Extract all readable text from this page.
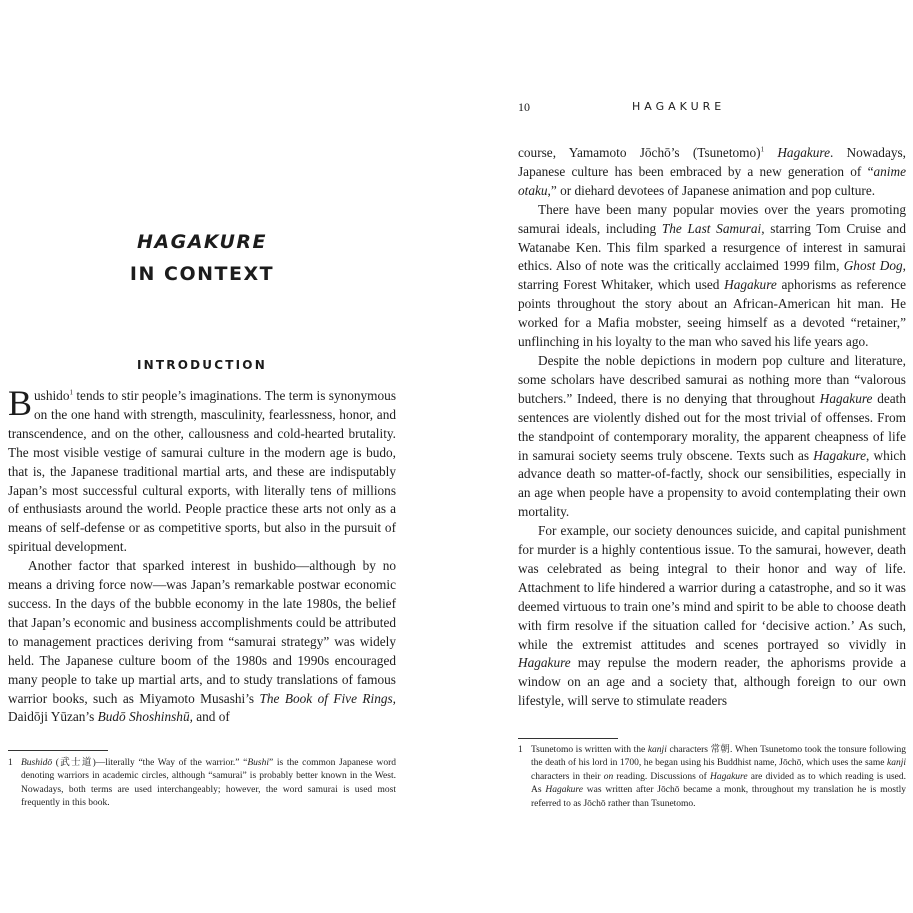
HAGAKURE
IN CONTEXT
INTRODUCTION

Bushido$^1$ tends to stir people’s imaginations. The term is synonymous on the one hand with strength, masculinity, fearlessness, honor, and transcendence, and on the other, callousness and cold-hearted brutality. The most visible vestige of samurai culture in the modern age is budo, that is, the Japanese traditional martial arts, and these are indisputably Japan’s most successful cultural exports, with literally tens of millions of enthusiasts around the world. People practice these arts not only as a means of self-defense or as competitive sports, but also in the pursuit of spiritual development.

Another factor that sparked interest in bushido—although by no means a driving force now—was Japan’s remarkable postwar economic success. In the days of the bubble economy in the late 1980s, the belief that Japan’s economic and business accomplishments could be attributed to management practices deriving from “samurai strategy” was widely held. The Japanese culture boom of the 1980s and 1990s encouraged many people to take up martial arts, and to study translations of famous warrior books, such as Miyamoto Musashi’s The Book of Five Rings, Daidōji Yūzan’s Budō Shoshinshū, and of

1 Bushidō (武士道)—literally “the Way of the warrior.” “Bushi” is the common Japanese word denoting warriors in academic circles, although “samurai” is probably better known in the West. Nowadays, both terms are used interchangeably; however, the word samurai is used most frequently in this book.
10	HAGAKURE

course, Yamamoto Jōchō’s (Tsunetomo)$^1$ Hagakure. Nowadays, Japanese culture has been embraced by a new generation of “anime otaku,” or diehard devotees of Japanese animation and pop culture.

There have been many popular movies over the years promoting samurai ideals, including The Last Samurai, starring Tom Cruise and Watanabe Ken. This film sparked a resurgence of interest in samurai ethics. Also of note was the critically acclaimed 1999 film, Ghost Dog, starring Forest Whitaker, which used Hagakure aphorisms as reference points throughout the story about an African-American hit man. He worked for a Mafia mobster, seeing himself as a devoted “retainer,” unflinching in his loyalty to the man who saved his life years ago.

Despite the noble depictions in modern pop culture and literature, some scholars have described samurai as nothing more than “valorous butchers.” Indeed, there is no denying that throughout Hagakure death sentences are violently dished out for the most trivial of offenses. From the standpoint of contemporary morality, the apparent cheapness of life in samurai society seems truly obscene. Texts such as Hagakure, which advance death so matter-of-factly, shock our sensibilities, especially in an age when people have a propensity to avoid contemplating their own mortality.

For example, our society denounces suicide, and capital punishment for murder is a highly contentious issue. To the samurai, however, death was celebrated as being integral to their honor and way of life. Attachment to life hindered a warrior during a catastrophe, and so it was deemed virtuous to train one’s mind and spirit to be able to choose death with firm resolve if the situation called for ‘decisive action.’ As such, while the extremist attitudes and scenes portrayed so vividly in Hagakure may repulse the modern reader, the aphorisms provide a window on an age and a society that, although foreign to our own lifestyle, will serve to stimulate readers

1 Tsunetomo is written with the kanji characters 常朝. When Tsunetomo took the tonsure following the death of his lord in 1700, he began using his Buddhist name, Jōchō, which uses the same kanji characters in their on reading. Discussions of Hagakure are divided as to which reading is used. As Hagakure was written after Jōchō became a monk, throughout my translation he is mostly referred to as Jōchō rather than Tsunetomo.
